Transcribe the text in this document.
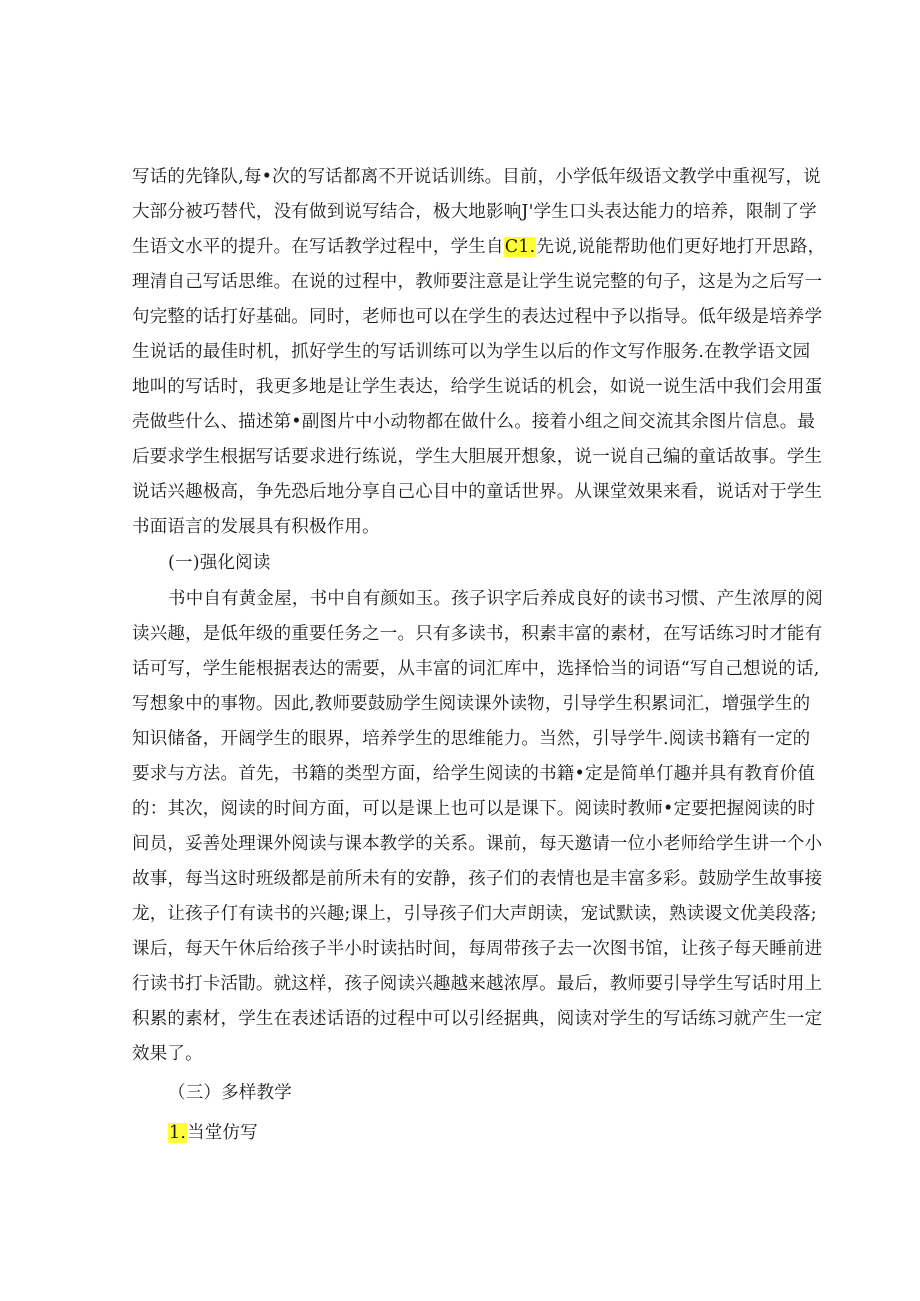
写话的先锋队,每•次的写话都离不开说话训练。目前，小学低年级语文教学中重视写，说
大部分被巧替代，没有做到说写结合，极大地影响J'学生口头表达能力的培养，限制了学
生语文水平的提升。在写话教学过程中，学生自C1.先说,说能帮助他们更好地打开思路，
理清自己写话思维。在说的过程中，教师要注意是让学生说完整的句子，这是为之后写一
句完整的话打好基础。同时，老师也可以在学生的表达过程中予以指导。低年级是培养学
生说话的最佳时机，抓好学生的写话训练可以为学生以后的作文写作服务.在教学语文园
地叫的写话时，我更多地是让学生表达，给学生说话的机会，如说一说生活中我们会用蛋
壳做些什么、描述第•副图片中小动物都在做什么。接着小组之间交流其余图片信息。最
后要求学生根据写话要求进行练说，学生大胆展开想象，说一说自己编的童话故事。学生
说话兴趣极高，争先恐后地分享自己心目中的童话世界。从课堂效果来看，说话对于学生
书面语言的发展具有积极作用。
(一)强化阅读
书中自有黄金屋，书中自有颜如玉。孩子识字后养成良好的读书习惯、产生浓厚的阅
读兴趣，是低年级的重要任务之一。只有多读书，积素丰富的素材，在写话练习时才能有
话可写，学生能根据表达的需要，从丰富的词汇库中，选择恰当的词语“写自己想说的话,
写想象中的事物。因此,教师要鼓励学生阅读课外读物，引导学生积累词汇，增强学生的
知识储备，开阔学生的眼界，培养学生的思维能力。当然，引导学牛.阅读书籍有一定的
要求与方法。首先，书籍的类型方面，给学生阅读的书籍•定是简单仃趣并具有教育价值
的：其次，阅读的时间方面，可以是课上也可以是课下。阅读时教师•定要把握阅读的时
间员，妥善处理课外阅读与课本教学的关系。课前，每天邀请一位小老师给学生讲一个小
故事，每当这时班级都是前所未有的安静，孩子们的表情也是丰富多彩。鼓励学生故事接
龙，让孩子仃有读书的兴趣;课上，引导孩子们大声朗读，宠试默读，熟读谡文优美段落;
课后，每天午休后给孩子半小时读拈时间，每周带孩子去一次图书馆，让孩子每天睡前进
行读书打卡活勖。就这样，孩子阅读兴趣越来越浓厚。最后，教师要引导学生写话时用上
积累的素材，学生在表述话语的过程中可以引经据典，阅读对学生的写话练习就产生一定
效果了。
（三）多样教学
1.当堂仿写
